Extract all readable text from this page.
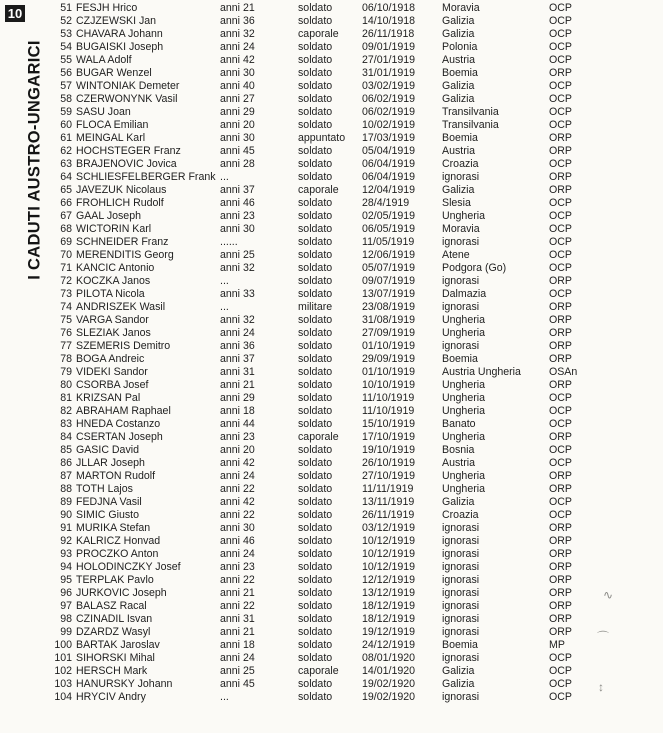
10
I CADUTI AUSTRO-UNGARICI
51 FESJH Hrico	anni 21	soldato	06/10/1918	Moravia	OCP
52 CZJZEWSKI Jan	anni 36	soldato	14/10/1918	Galizia	OCP
53 CHAVARA Johann	anni 32	caporale 26/11/1918	Galizia	OCP
54 BUGAISKI Joseph	anni 24	soldato	09/01/1919	Polonia	OCP
55 WALA Adolf	anni 42	soldato	27/01/1919	Austria	OCP
56 BUGAR Wenzel	anni 30	soldato	31/01/1919	Boemia	ORP
57 WINTONIAK Demeter	anni 40	soldato	03/02/1919	Galizia	OCP
58 CZERWONYNK Vasil	anni 27	soldato	06/02/1919	Galizia	OCP
59 SASU Joan	anni 29	soldato	06/02/1919	Transilvania	OCP
60 FLOCA Emilian	anni 20	soldato	10/02/1919	Transilvania	OCP
61 MEINGAL Karl	anni 30	appuntato 17/03/1919	Boemia	ORP
62 HOCHSTEGER Franz	anni 45	soldato	05/04/1919	Austria	ORP
63 BRAJENOVIC Jovica	anni 28	soldato	06/04/1919	Croazia	OCP
64 SCHLIESFELBERGER Frank ...	soldato	06/04/1919	ignorasi	ORP
65 JAVEZUK Nicolaus	anni 37	caporale 12/04/1919	Galizia	ORP
66 FROHLICH Rudolf	anni 46	soldato	28/4/1919	Slesia	OCP
67 GAAL Joseph	anni 23	soldato	02/05/1919	Ungheria	OCP
68 WICTORIN Karl	anni 30	soldato	06/05/1919	Moravia	OCP
69 SCHNEIDER Franz	......	soldato	11/05/1919	ignorasi	OCP
70 MERENDITIS Georg	anni 25	soldato	12/06/1919	Atene	OCP
71 KANCIC Antonio	anni 32	soldato	05/07/1919	Podgora (Go)	OCP
72 KOCZKA Janos	...	soldato	09/07/1919	ignorasi	ORP
73 PILOTA Nicola	anni 33	soldato	13/07/1919	Dalmazia	OCP
74 ANDRISZEK Wasil	...	militare	23/08/1919	ignorasi	ORP
75 VARGA Sandor	anni 32	soldato	31/08/1919	Ungheria	ORP
76 SLEZIAK Janos	anni 24	soldato	27/09/1919	Ungheria	ORP
77 SZEMERIS Demitro	anni 36	soldato	01/10/1919	ignorasi	ORP
78 BOGA Andreic	anni 37	soldato	29/09/1919	Boemia	ORP
79 VIDEKI Sandor	anni 31	soldato	01/10/1919	Austria Ungheria	OSAn
80 CSORBA Josef	anni 21	soldato	10/10/1919	Ungheria	ORP
81 KRIZSAN Pal	anni 29	soldato	11/10/1919	Ungheria	OCP
82 ABRAHAM Raphael	anni 18	soldato	11/10/1919	Ungheria	OCP
83 HNEDA Costanzo	anni 44	soldato	15/10/1919	Banato	OCP
84 CSERTAN Joseph	anni 23	caporale 17/10/1919	Ungheria	ORP
85 GASIC David	anni 20	soldato	19/10/1919	Bosnia	OCP
86 JLLAR Joseph	anni 42	soldato	26/10/1919	Austria	OCP
87 MARTON Rudolf	anni 24	soldato	27/10/1919	Ungheria	ORP
88 TOTH Lajos	anni 22	soldato	11/11/1919	Ungheria	ORP
89 FEDJNA Vasil	anni 42	soldato	13/11/1919	Galizia	OCP
90 SIMIC Giusto	anni 22	soldato	26/11/1919	Croazia	OCP
91 MURIKA Stefan	anni 30	soldato	03/12/1919	ignorasi	ORP
92 KALRICZ Honvad	anni 46	soldato	10/12/1919	ignorasi	ORP
93 PROCZKO Anton	anni 24	soldato	10/12/1919	ignorasi	ORP
94 HOLODINCZKY Josef	anni 23	soldato	10/12/1919	ignorasi	ORP
95 TERPLAK Pavlo	anni 22	soldato	12/12/1919	ignorasi	ORP
96 JURKOVIC Joseph	anni 21	soldato	13/12/1919	ignorasi	ORP
97 BALASZ Racal	anni 22	soldato	18/12/1919	ignorasi	ORP
98 CZINADIL Isvan	anni 31	soldato	18/12/1919	ignorasi	ORP
99 DZARDZ Wasyl	anni 21	soldato	19/12/1919	ignorasi	ORP
100 BARTAK Jaroslav	anni 18	soldato	24/12/1919	Boemia	MP
101 SIHORSKI Mihal	anni 24	soldato	08/01/1920	ignorasi	OCP
102 HERSCH Mark	anni 25	caporale 14/01/1920	Galizia	OCP
103 HANURSKY Johann	anni 45	soldato	19/02/1920	Galizia	OCP
104 HRYCIV Andry	...	soldato	19/02/1920	ignorasi	OCP
∿
⌒
↕
